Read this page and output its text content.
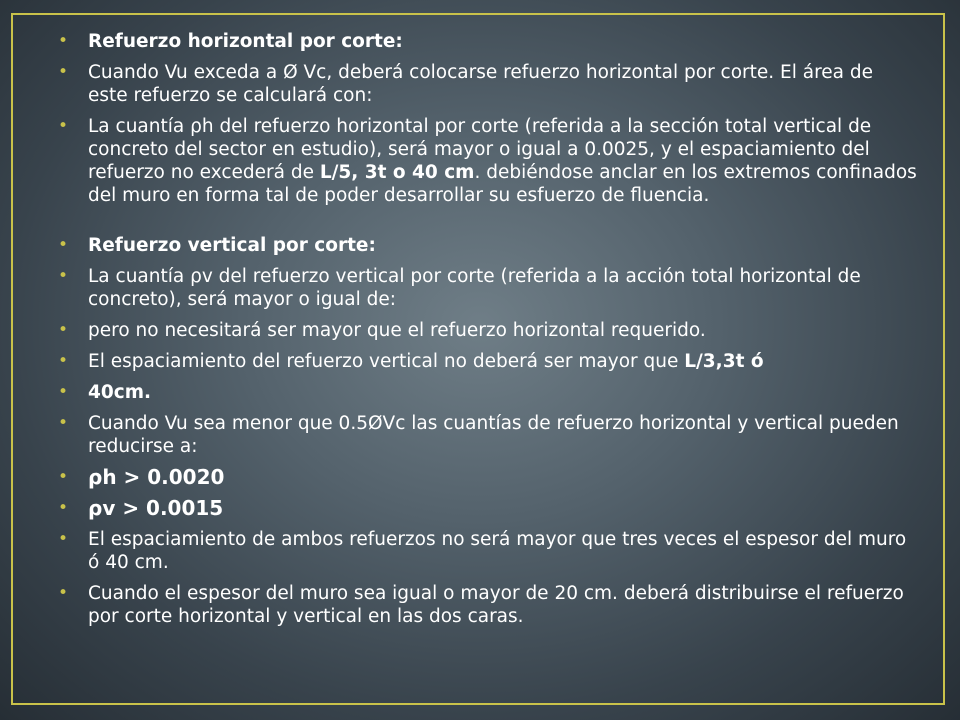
• Refuerzo horizontal por corte:
• Cuando Vu exceda a Ø Vc, deberá colocarse refuerzo horizontal por corte. El área de este refuerzo se calculará con:
• La cuantía ρh del refuerzo horizontal por corte (referida a la sección total vertical de concreto del sector en estudio), será mayor o igual a 0.0025, y el espaciamiento del refuerzo no excederá de L/5, 3t o 40 cm. debiéndose anclar en los extremos confinados del muro en forma tal de poder desarrollar su esfuerzo de fluencia.
• Refuerzo vertical por corte:
• La cuantía ρv del refuerzo vertical por corte (referida a la acción total horizontal de concreto), será mayor o igual de:
• pero no necesitará ser mayor que el refuerzo horizontal requerido.
• El espaciamiento del refuerzo vertical no deberá ser mayor que L/3,3t ó
• 40cm.
• Cuando Vu sea menor que 0.5ØVc las cuantías de refuerzo horizontal y vertical pueden reducirse a:
• ρh > 0.0020
• ρv > 0.0015
• El espaciamiento de ambos refuerzos no será mayor que tres veces el espesor del muro ó 40 cm.
• Cuando el espesor del muro sea igual o mayor de 20 cm. deberá distribuirse el refuerzo por corte horizontal y vertical en las dos caras.
